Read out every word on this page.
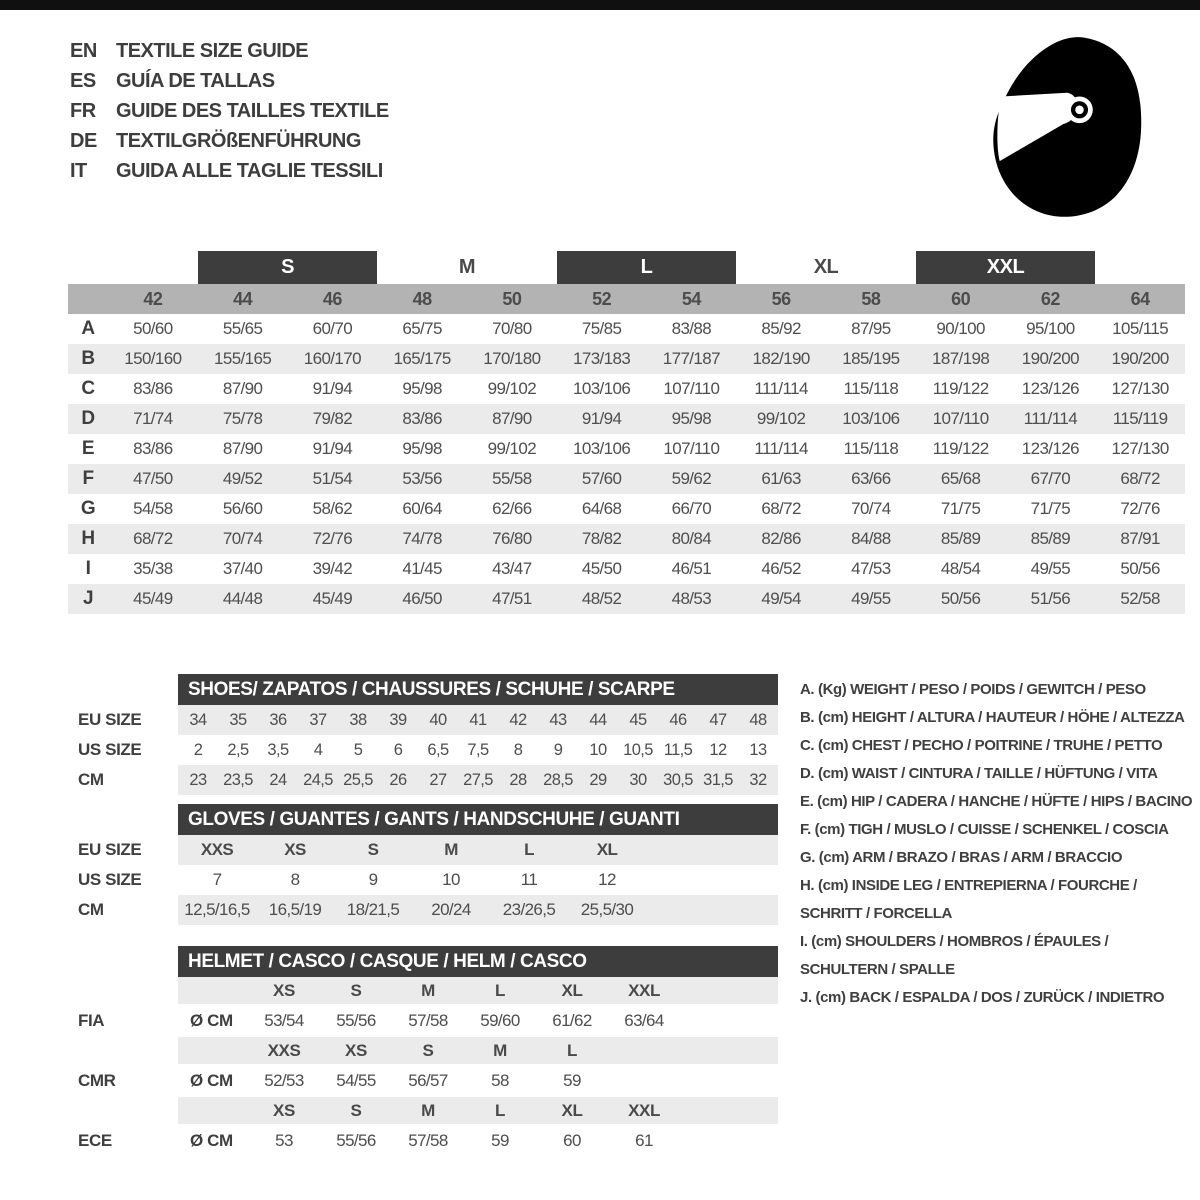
EN TEXTILE SIZE GUIDE
ES	GUÍA DE TALLAS
FR	GUIDE DES TAILLES TEXTILE
DE TEXTILGRÖßENFÜHRUNG
IT	GUIDA ALLE TAGLIE TESSILI
S	M	L	XL	XXL
42	44	46	48	50	52	54	56	58	60	62	64
A	50/60	55/65	60/70	65/75	70/80	75/85	83/88	85/92	87/95	90/100	95/100	105/115
B	150/160	155/165	160/170	165/175	170/180	173/183	177/187	182/190	185/195	187/198	190/200	190/200
C	83/86	87/90	91/94	95/98	99/102	103/106	107/110	111/114	115/118	119/122	123/126	127/130
D	71/74	75/78	79/82	83/86	87/90	91/94	95/98	99/102	103/106	107/110	111/114	115/119
E	83/86	87/90	91/94	95/98	99/102	103/106	107/110	111/114	115/118	119/122	123/126	127/130
F	47/50	49/52	51/54	53/56	55/58	57/60	59/62	61/63	63/66	65/68	67/70	68/72
G	54/58	56/60	58/62	60/64	62/66	64/68	66/70	68/72	70/74	71/75	71/75	72/76
H	68/72	70/74	72/76	74/78	76/80	78/82	80/84	82/86	84/88	85/89	85/89	87/91
I	35/38	37/40	39/42	41/45	43/47	45/50	46/51	46/52	47/53	48/54	49/55	50/56
J	45/49	44/48	45/49	46/50	47/51	48/52	48/53	49/54	49/55	50/56	51/56	52/58
SHOES/ ZAPATOS / CHAUSSURES / SCHUHE / SCARPE
EU SIZE	34	35	36	37	38	39	40	41	42	43	44	45	46	47	48
US SIZE	2	2,5	3,5	4	5	6	6,5	7,5	8	9	10	10,5 11,5	12	13
CM	23	23,5	24	24,5 25,5	26	27	27,5	28	28,5	29	30	30,5 31,5	32
GLOVES / GUANTES / GANTS / HANDSCHUHE / GUANTI
EU SIZE	XXS	XS	S	M	L	XL
US SIZE	7	8	9	10	11	12
CM	12,5/16,5	16,5/19	18/21,5	20/24	23/26,5	25,5/30
HELMET / CASCO / CASQUE / HELM / CASCO
XS	S	M	L	XL	XXL
FIA	Ø CM	53/54	55/56	57/58	59/60	61/62	63/64
XXS	XS	S	M	L
CMR	Ø CM	52/53	54/55	56/57	58	59
XS	S	M	L	XL	XXL
ECE	Ø CM	53	55/56	57/58	59	60	61
A. (Kg) WEIGHT / PESO / POIDS / GEWITCH / PESO
B. (cm) HEIGHT / ALTURA / HAUTEUR / HÖHE / ALTEZZA
C. (cm) CHEST / PECHO / POITRINE / TRUHE / PETTO
D. (cm) WAIST / CINTURA / TAILLE / HÜFTUNG / VITA
E. (cm) HIP / CADERA / HANCHE / HÜFTE / HIPS / BACINO
F. (cm) TIGH / MUSLO / CUISSE / SCHENKEL / COSCIA
G. (cm) ARM / BRAZO / BRAS / ARM / BRACCIO
H. (cm) INSIDE LEG / ENTREPIERNA / FOURCHE / SCHRITT / FORCELLA
I. (cm) SHOULDERS / HOMBROS / ÉPAULES / SCHULTERN / SPALLE
J. (cm) BACK / ESPALDA / DOS / ZURÜCK / INDIETRO
